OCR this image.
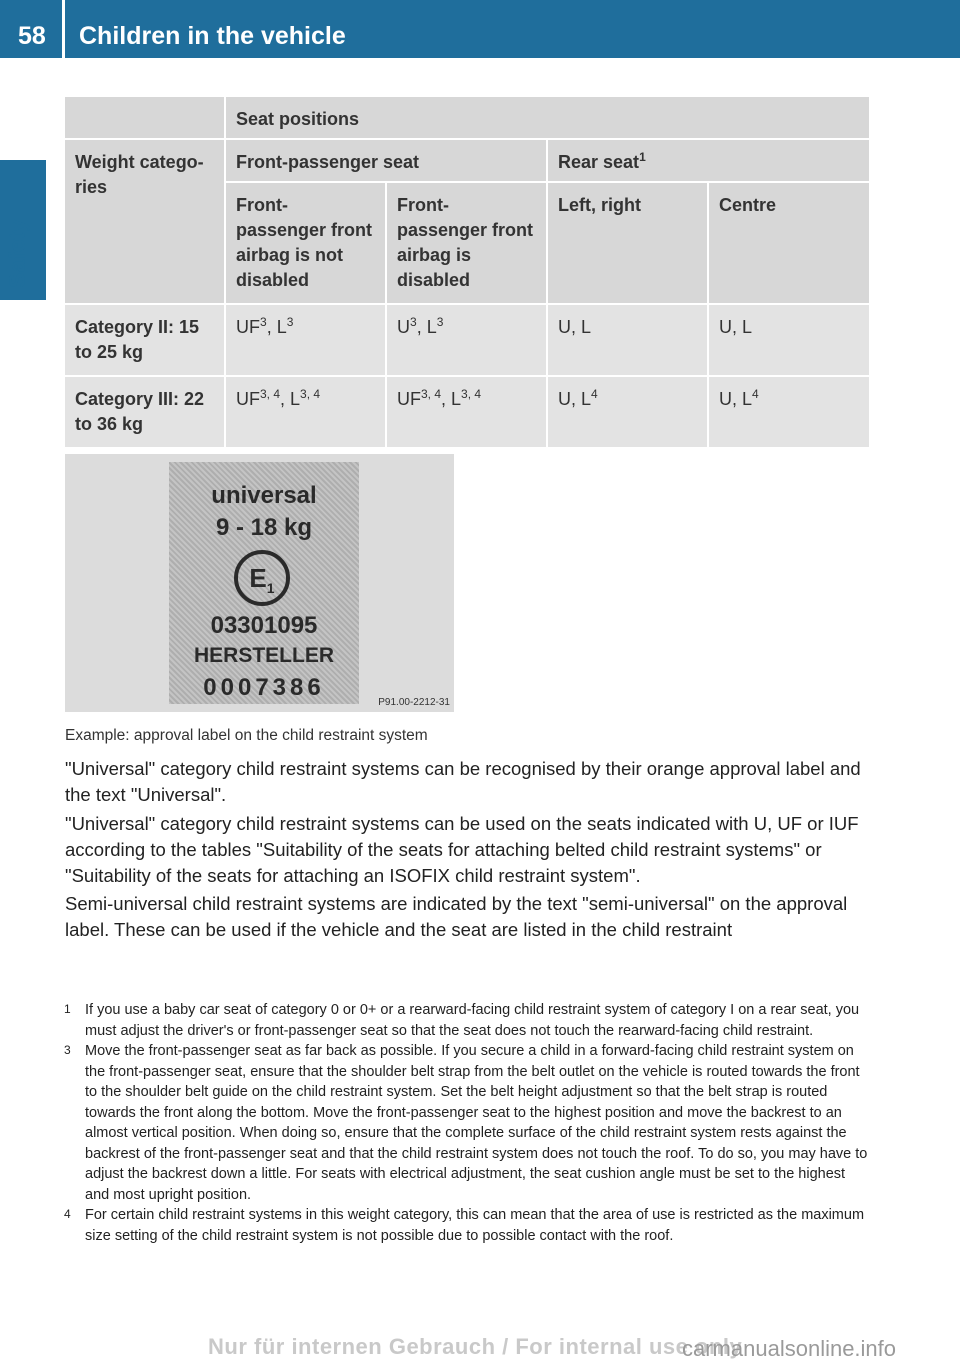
58 Children in the vehicle
Safety
	Seat positions			
Weight catego-ries	Front-passenger seat		Rear seat$^1$
	Front-passenger front airbag is not disabled	Front-passenger front airbag is disabled	Left, right	Centre
Category II: 15 to 25 kg	$UF^3$, $L^3$	$U^3$, $L^3$	U, L	U, L
Category III: 22 to 36 kg	UF$^{3, 4}$, L$^{3, 4}$	UF$^{3, 4}$, L$^{3, 4}$	U, $L^4$	U, $L^4$
universal
9 - 18 kg
$E_1$
03301095
HERSTELLER
0007386
P91.00-2212-31
Example: approval label on the child restraint system

"Universal" category child restraint systems can be recognised by their orange approval label and the text "Universal".

"Universal" category child restraint systems can be used on the seats indicated with U, UF or IUF according to the tables "Suitability of the seats for attaching belted child restraint systems" or "Suitability of the seats for attaching an ISOFIX child restraint system".

Semi-universal child restraint systems are indicated by the text "semi-universal" on the approval label. These can be used if the vehicle and the seat are listed in the child restraint

1 If you use a baby car seat of category 0 or 0+ or a rearward-facing child restraint system of category I on a rear seat, you must adjust the driver's or front-passenger seat so that the seat does not touch the rearward-facing child restraint.
3 Move the front-passenger seat as far back as possible. If you secure a child in a forward-facing child restraint system on the front-passenger seat, ensure that the shoulder belt strap from the belt outlet on the vehicle is routed towards the front to the shoulder belt guide on the child restraint system. Set the belt height adjustment so that the belt strap is routed towards the front along the bottom. Move the front-passenger seat to the highest position and move the backrest to an almost vertical position. When doing so, ensure that the complete surface of the child restraint system rests against the backrest of the front-passenger seat and that the child restraint system does not touch the roof. To do so, you may have to adjust the backrest down a little. For seats with electrical adjustment, the seat cushion angle must be set to the highest and most upright position.
4 For certain child restraint systems in this weight category, this can mean that the area of use is restricted as the maximum size setting of the child restraint system is not possible due to possible contact with the roof.
Nur für internen Gebrauch / For internal use only
carmanualsonline.info
